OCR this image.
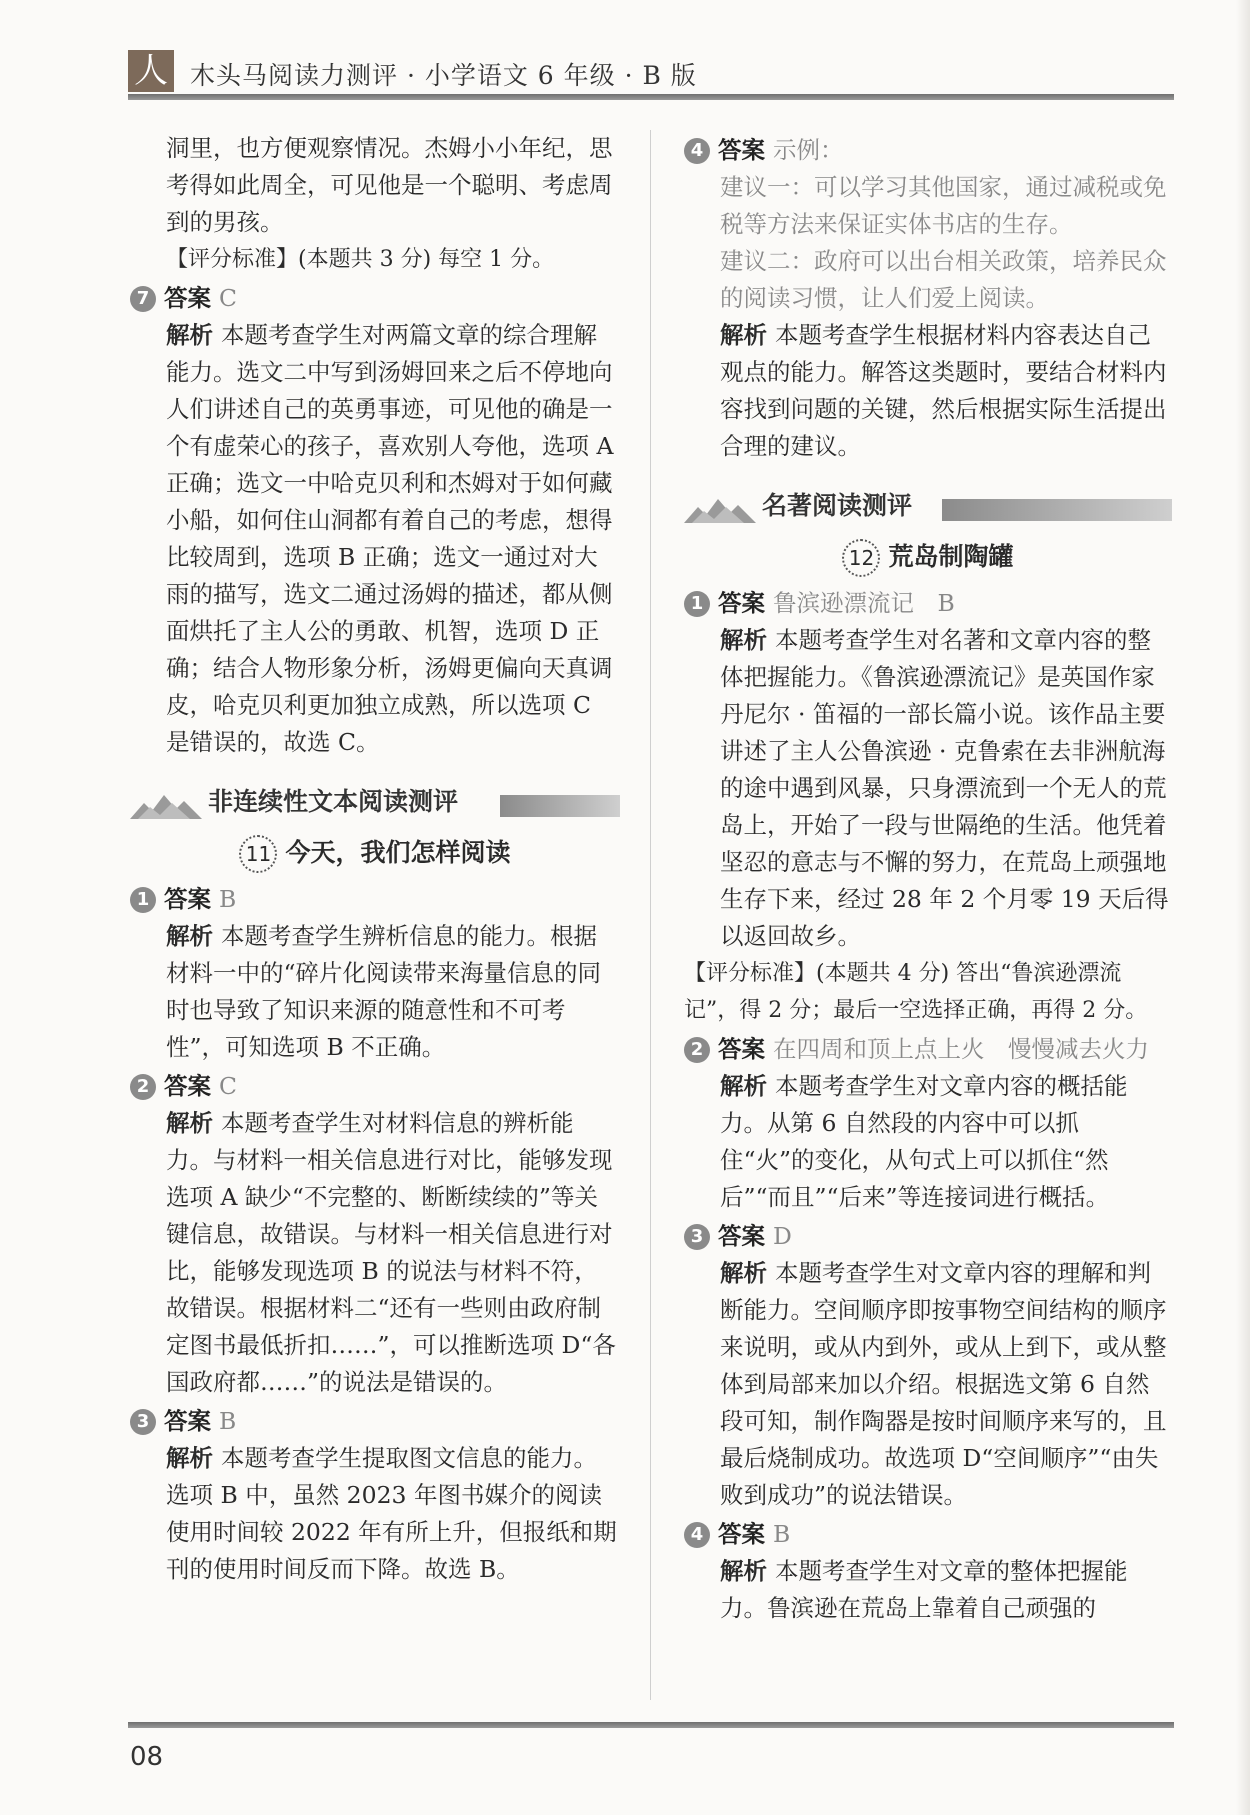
人 木头马阅读力测评 · 小学语文 6 年级 · B 版

洞里，也方便观察情况。杰姆小小年纪，思考得如此周全，可见他是一个聪明、考虑周到的男孩。

【评分标准】(本题共 3 分) 每空 1 分。

7 答案 C

解析 本题考查学生对两篇文章的综合理解能力。选文二中写到汤姆回来之后不停地向人们讲述自己的英勇事迹，可见他的确是一个有虚荣心的孩子，喜欢别人夸他，选项 A 正确；选文一中哈克贝利和杰姆对于如何藏小船，如何住山洞都有着自己的考虑，想得比较周到，选项 B 正确；选文一通过对大雨的描写，选文二通过汤姆的描述，都从侧面烘托了主人公的勇敢、机智，选项 D 正确；结合人物形象分析，汤姆更偏向天真调皮，哈克贝利更加独立成熟，所以选项 C 是错误的，故选 C。

非连续性文本阅读测评
11 今天，我们怎样阅读
1 答案 B

解析 本题考查学生辨析信息的能力。根据材料一中的“碎片化阅读带来海量信息的同时也导致了知识来源的随意性和不可考性”，可知选项 B 不正确。

2 答案 C

解析 本题考查学生对材料信息的辨析能力。与材料一相关信息进行对比，能够发现选项 A 缺少“不完整的、断断续续的”等关键信息，故错误。与材料一相关信息进行对比，能够发现选项 B 的说法与材料不符，故错误。根据材料二“还有一些则由政府制定图书最低折扣……”，可以推断选项 D“各国政府都……”的说法是错误的。

3 答案 B

解析 本题考查学生提取图文信息的能力。选项 B 中，虽然 2023 年图书媒介的阅读使用时间较 2022 年有所上升，但报纸和期刊的使用时间反而下降。故选 B。

4 答案 示例：

建议一：可以学习其他国家，通过减税或免税等方法来保证实体书店的生存。

建议二：政府可以出台相关政策，培养民众的阅读习惯，让人们爱上阅读。

解析 本题考查学生根据材料内容表达自己观点的能力。解答这类题时，要结合材料内容找到问题的关键，然后根据实际生活提出合理的建议。

名著阅读测评
12 荒岛制陶罐
1 答案 鲁滨逊漂流记　B

解析 本题考查学生对名著和文章内容的整体把握能力。《鲁滨逊漂流记》是英国作家丹尼尔 · 笛福的一部长篇小说。该作品主要讲述了主人公鲁滨逊 · 克鲁索在去非洲航海的途中遇到风暴，只身漂流到一个无人的荒岛上，开始了一段与世隔绝的生活。他凭着坚忍的意志与不懈的努力，在荒岛上顽强地生存下来，经过 28 年 2 个月零 19 天后得以返回故乡。

【评分标准】(本题共 4 分) 答出“鲁滨逊漂流记”，得 2 分；最后一空选择正确，再得 2 分。

2 答案 在四周和顶上点上火　慢慢减去火力

解析 本题考查学生对文章内容的概括能力。从第 6 自然段的内容中可以抓住“火”的变化，从句式上可以抓住“然后”“而且”“后来”等连接词进行概括。

3 答案 D

解析 本题考查学生对文章内容的理解和判断能力。空间顺序即按事物空间结构的顺序来说明，或从内到外，或从上到下，或从整体到局部来加以介绍。根据选文第 6 自然段可知，制作陶器是按时间顺序来写的，且最后烧制成功。故选项 D“空间顺序”“由失败到成功”的说法错误。

4 答案 B

解析 本题考查学生对文章的整体把握能力。鲁滨逊在荒岛上靠着自己顽强的

08
